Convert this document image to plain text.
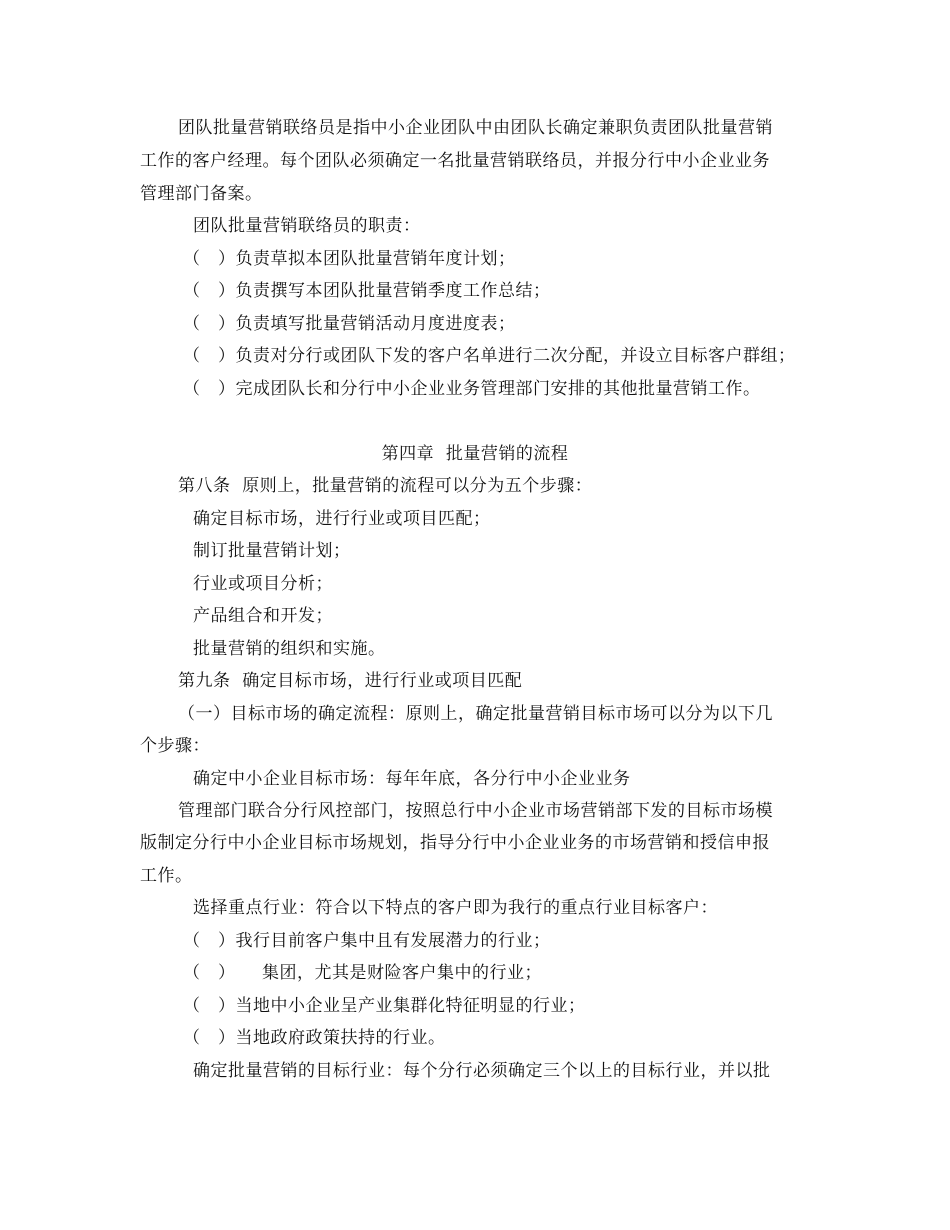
团队批量营销联络员是指中小企业团队中由团队长确定兼职负责团队批量营销
工作的客户经理。每个团队必须确定一名批量营销联络员，并报分行中小企业业务
管理部门备案。
团队批量营销联络员的职责：
（　）负责草拟本团队批量营销年度计划；
（　）负责撰写本团队批量营销季度工作总结；
（　）负责填写批量营销活动月度进度表；
（　）负责对分行或团队下发的客户名单进行二次分配，并设立目标客户群组；
（　）完成团队长和分行中小企业业务管理部门安排的其他批量营销工作。
第四章  批量营销的流程
第八条  原则上，批量营销的流程可以分为五个步骤：
确定目标市场，进行行业或项目匹配；
制订批量营销计划；
行业或项目分析；
产品组合和开发；
批量营销的组织和实施。
第九条  确定目标市场，进行行业或项目匹配
（一）目标市场的确定流程：原则上，确定批量营销目标市场可以分为以下几
个步骤：
确定中小企业目标市场：每年年底，各分行中小企业业务
管理部门联合分行风控部门，按照总行中小企业市场营销部下发的目标市场模
版制定分行中小企业目标市场规划，指导分行中小企业业务的市场营销和授信申报
工作。
选择重点行业：符合以下特点的客户即为我行的重点行业目标客户：
（　）我行目前客户集中且有发展潜力的行业；
（　）　　集团，尤其是财险客户集中的行业；
（　）当地中小企业呈产业集群化特征明显的行业；
（　）当地政府政策扶持的行业。
确定批量营销的目标行业：每个分行必须确定三个以上的目标行业，并以批
